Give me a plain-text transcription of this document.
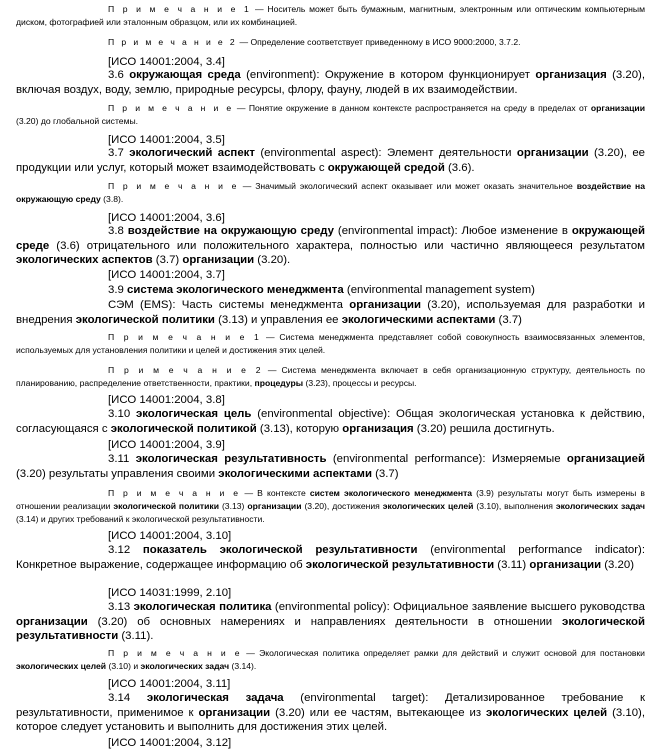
П р и м е ч а н и е 1 — Носитель может быть бумажным, магнитным, электронным или оптическим компьютерным диском, фотографией или эталонным образцом, или их комбинацией.

П р и м е ч а н и е 2 — Определение соответствует приведенному в ИСО 9000:2000, 3.7.2.

[ИСО 14001:2004, 3.4]

3.6 окружающая среда (environment): Окружение в котором функционирует организация (3.20), включая воздух, воду, землю, природные ресурсы, флору, фауну, людей в их взаимодействии.

П р и м е ч а н и е — Понятие окружение в данном контексте распространяется на среду в пределах от организации (3.20) до глобальной системы.

[ИСО 14001:2004, 3.5]

3.7 экологический аспект (environmental aspect): Элемент деятельности организации (3.20), ее продукции или услуг, который может взаимодействовать с окружающей средой (3.6).

П р и м е ч а н и е — Значимый экологический аспект оказывает или может оказать значительное воздействие на окружающую среду (3.8).

[ИСО 14001:2004, 3.6]

3.8 воздействие на окружающую среду (environmental impact): Любое изменение в окружающей среде (3.6) отрицательного или положительного характера, полностью или частично являющееся результатом экологических аспектов (3.7) организации (3.20).

[ИСО 14001:2004, 3.7]

3.9 система экологического менеджмента (environmental management system)

СЭМ (EMS): Часть системы менеджмента организации (3.20), используемая для разработки и внедрения экологической политики (3.13) и управления ее экологическими аспектами (3.7)

П р и м е ч а н и е 1 — Система менеджмента представляет собой совокупность взаимосвязанных элементов, используемых для установления политики и целей и достижения этих целей.

П р и м е ч а н и е 2 — Система менеджмента включает в себя организационную структуру, деятельность по планированию, распределение ответственности, практики, процедуры (3.23), процессы и ресурсы.

[ИСО 14001:2004, 3.8]

3.10 экологическая цель (environmental objective): Общая экологическая установка к действию, согласующаяся с экологической политикой (3.13), которую организация (3.20) решила достигнуть.

[ИСО 14001:2004, 3.9]

3.11 экологическая результативность (environmental performance): Измеряемые организацией (3.20) результаты управления своими экологическими аспектами (3.7)

П р и м е ч а н и е — В контексте систем экологического менеджмента (3.9) результаты могут быть измерены в отношении реализации экологической политики (3.13) организации (3.20), достижения экологических целей (3.10), выполнения экологических задач (3.14) и других требований к экологической результативности.

[ИСО 14001:2004, 3.10]

3.12 показатель экологической результативности (environmental performance indicator): Конкретное выражение, содержащее информацию об экологической результативности (3.11) организации (3.20)

[ИСО 14031:1999, 2.10]

3.13 экологическая политика (environmental policy): Официальное заявление высшего руководства организации (3.20) об основных намерениях и направлениях деятельности в отношении экологической результативности (3.11).

П р и м е ч а н и е — Экологическая политика определяет рамки для действий и служит основой для постановки экологических целей (3.10) и экологических задач (3.14).

[ИСО 14001:2004, 3.11]

3.14 экологическая задача (environmental target): Детализированное требование к результативности, применимое к организации (3.20) или ее частям, вытекающее из экологических целей (3.10), которое следует установить и выполнить для достижения этих целей.

[ИСО 14001:2004, 3.12]
